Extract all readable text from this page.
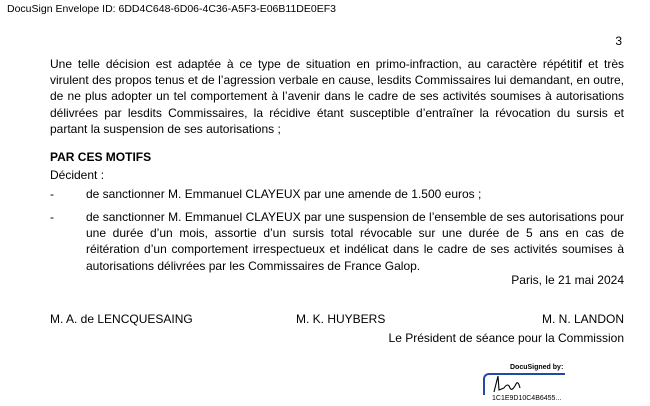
DocuSign Envelope ID: 6DD4C648-6D06-4C36-A5F3-E06B11DE0EF3
3

Une telle décision est adaptée à ce type de situation en primo-infraction, au caractère répétitif et très virulent des propos tenus et de l’agression verbale en cause, lesdits Commissaires lui demandant, en outre, de ne plus adopter un tel comportement à l’avenir dans le cadre de ses activités soumises à autorisations délivrées par lesdits Commissaires, la récidive étant susceptible d’entraîner la révocation du sursis et partant la suspension de ses autorisations ;

PAR CES MOTIFS
Décident :
-	de sanctionner M. Emmanuel CLAYEUX par une amende de 1.500 euros ;
-	de sanctionner M. Emmanuel CLAYEUX par une suspension de l’ensemble de ses autorisations pour une durée d’un mois, assortie d’un sursis total révocable sur une durée de 5 ans en cas de réitération d’un comportement irrespectueux et indélicat dans le cadre de ses activités soumises à autorisations délivrées par les Commissaires de France Galop.
Paris, le 21 mai 2024
M. A. de LENCQUESAING	M. K. HUYBERS	M. N. LANDON
Le Président de séance pour la Commission
DocuSigned by:
1C1E9D10C4B6455...
